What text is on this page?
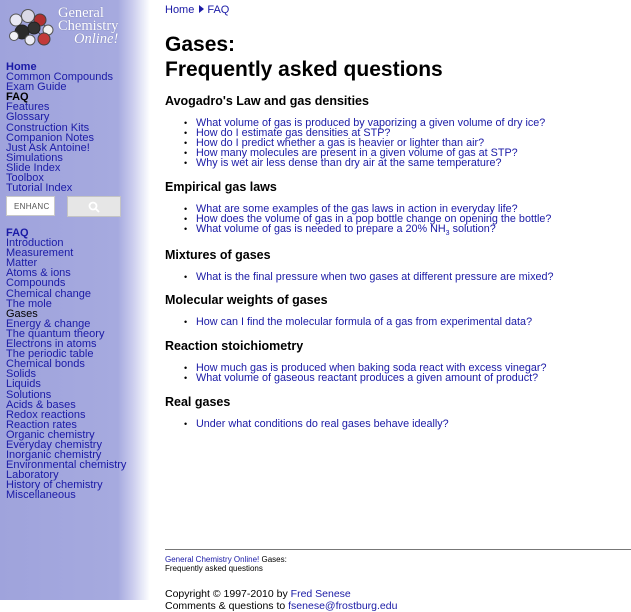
General
Chemistry
Online!
Home
Common Compounds
Exam Guide
FAQ
Features
Glossary
Construction Kits
Companion Notes
Just Ask Antoine!
Simulations
Slide Index
Toolbox
Tutorial Index
ENHANC
FAQ
Introduction
Measurement
Matter
Atoms & ions
Compounds
Chemical change
The mole
Gases
Energy & change
The quantum theory
Electrons in atoms
The periodic table
Chemical bonds
Solids
Liquids
Solutions
Acids & bases
Redox reactions
Reaction rates
Organic chemistry
Everyday chemistry
Inorganic chemistry
Environmental chemistry
Laboratory
History of chemistry
Miscellaneous
Home FAQ
Gases:
Frequently asked questions
Avogadro's Law and gas densities
• What volume of gas is produced by vaporizing a given volume of dry ice?
• How do I estimate gas densities at STP?
• How do I predict whether a gas is heavier or lighter than air?
• How many molecules are present in a given volume of gas at STP?
• Why is wet air less dense than dry air at the same temperature?
Empirical gas laws
• What are some examples of the gas laws in action in everyday life?
• How does the volume of gas in a pop bottle change on opening the bottle?
• What volume of gas is needed to prepare a 20% $NH_3$ solution?
Mixtures of gases
• What is the final pressure when two gases at different pressure are mixed?
Molecular weights of gases
• How can I find the molecular formula of a gas from experimental data?
Reaction stoichiometry
• How much gas is produced when baking soda react with excess vinegar?
• What volume of gaseous reactant produces a given amount of product?
Real gases
• Under what conditions do real gases behave ideally?
General Chemistry Online! Gases:
Frequently asked questions
Copyright © 1997-2010 by Fred Senese
Comments & questions to fsenese@frostburg.edu
